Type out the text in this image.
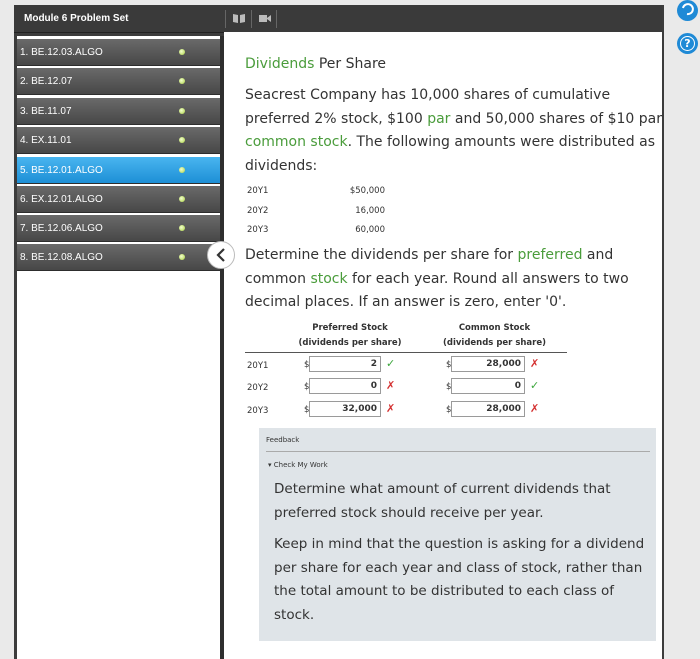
Module 6 Problem Set
?
1. BE.12.03.ALGO
2. BE.12.07
3. BE.11.07
4. EX.11.01
5. BE.12.01.ALGO
6. EX.12.01.ALGO
7. BE.12.06.ALGO
8. BE.12.08.ALGO
Dividends Per Share
Seacrest Company has 10,000 shares of cumulative preferred 2% stock, $100 par and 50,000 shares of $10 par common stock. The following amounts were distributed as dividends:
20Y1	$50,000
20Y2	16,000
20Y3	60,000
Determine the dividends per share for preferred and common stock for each year. Round all answers to two decimal places. If an answer is zero, enter '0'.
Preferred Stock
(dividends per share)
Common Stock
(dividends per share)
20Y1	$	2 ✓	$	28,000 ✗
20Y2	$	0 ✗	$	0 ✓
20Y3	$	32,000 ✗	$	28,000 ✗
Feedback
▾ Check My Work
Determine what amount of current dividends that preferred stock should receive per year.
Keep in mind that the question is asking for a dividend per share for each year and class of stock, rather than the total amount to be distributed to each class of stock.
